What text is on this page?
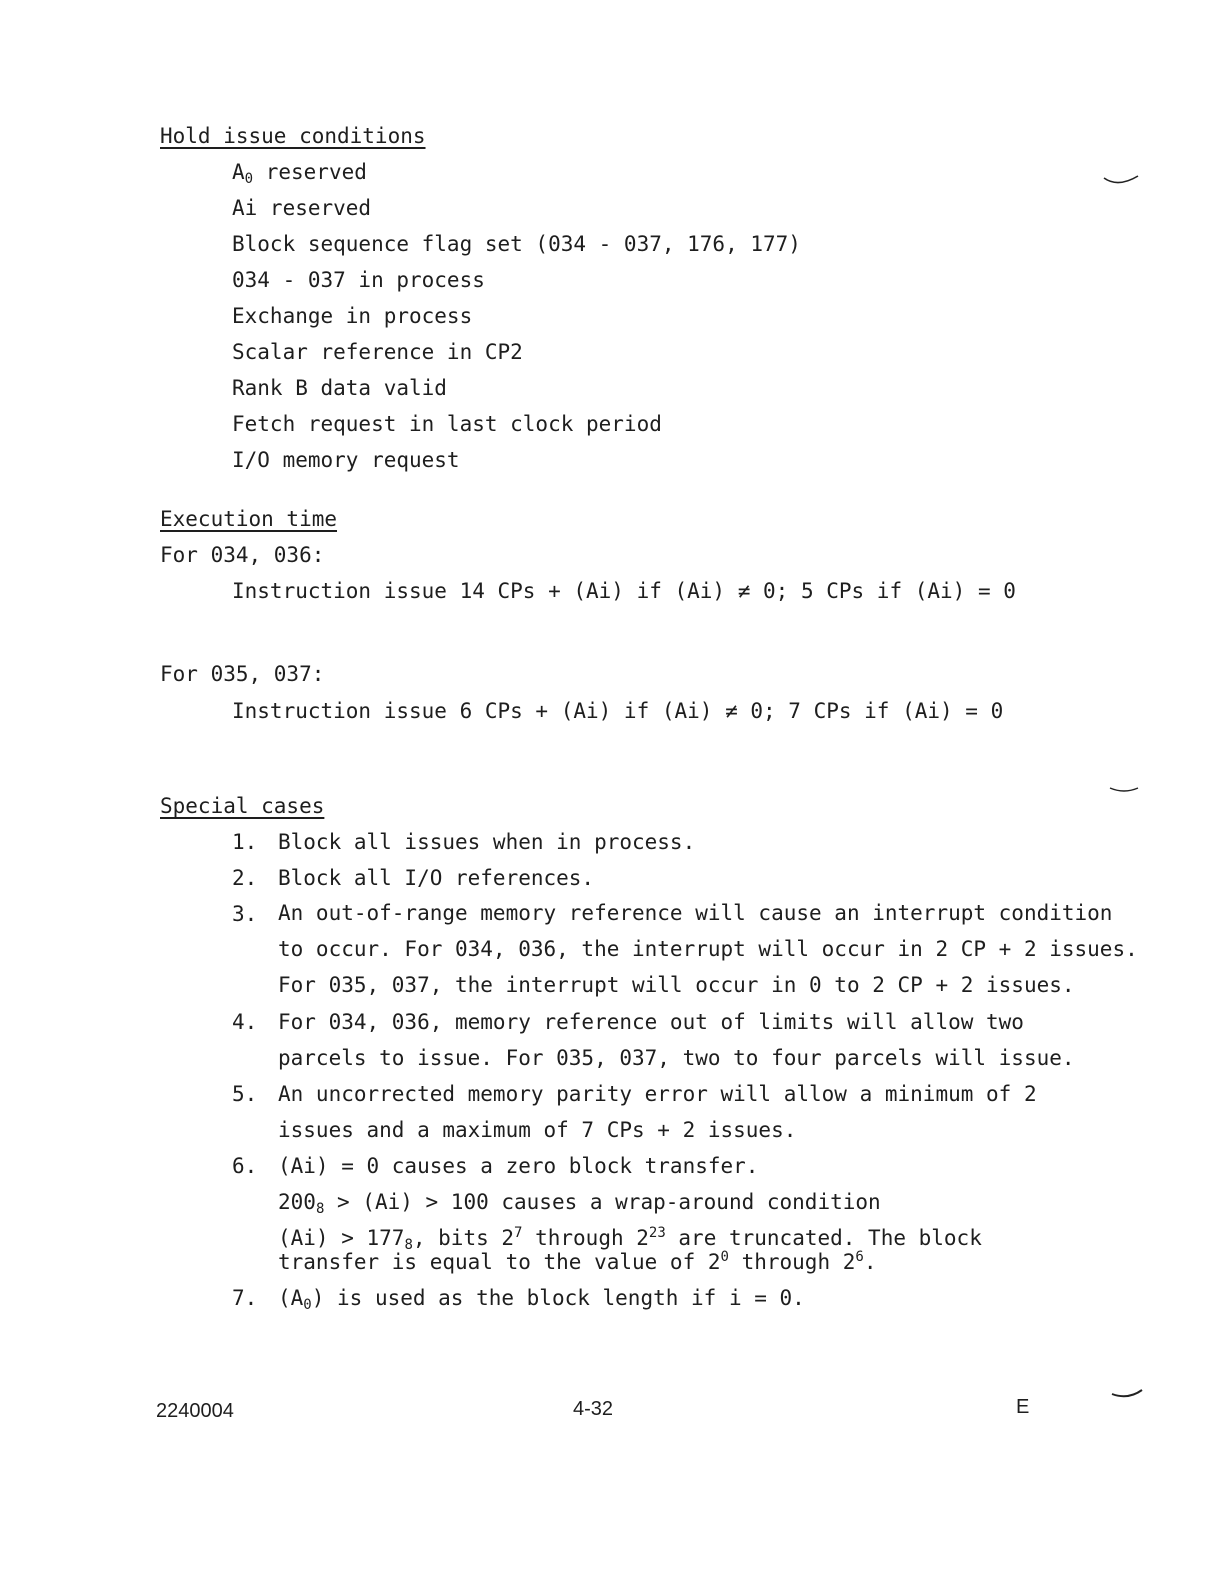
Hold issue conditions
$A_0$ reserved
Ai reserved
Block sequence flag set (034 - 037, 176, 177)
034 - 037 in process
Exchange in process
Scalar reference in CP2
Rank B data valid
Fetch request in last clock period
I/O memory request
Execution time
For 034, 036:
Instruction issue 14 CPs + (Ai) if (Ai) ≠ 0; 5 CPs if (Ai) = 0
For 035, 037:
Instruction issue 6 CPs + (Ai) if (Ai) ≠ 0; 7 CPs if (Ai) = 0
Special cases
1. Block all issues when in process.
2. Block all I/O references.
3. An out-of-range memory reference will cause an interrupt condition
to occur. For 034, 036, the interrupt will occur in 2 CP + 2 issues.
For 035, 037, the interrupt will occur in 0 to 2 CP + 2 issues.
4. For 034, 036, memory reference out of limits will allow two
parcels to issue. For 035, 037, two to four parcels will issue.
5. An uncorrected memory parity error will allow a minimum of 2
issues and a maximum of 7 CPs + 2 issues.
6. (Ai) = 0 causes a zero block transfer.
$200_8 > (Ai) > 100$ causes a wrap-around condition
$(Ai) > 177_8$, bits $2^7$ through $2^{23}$ are truncated. The block
transfer is equal to the value of $2^0$ through $2^6$.
7. $(A_0)$ is used as the block length if i = 0.
2240004	4-32	E
